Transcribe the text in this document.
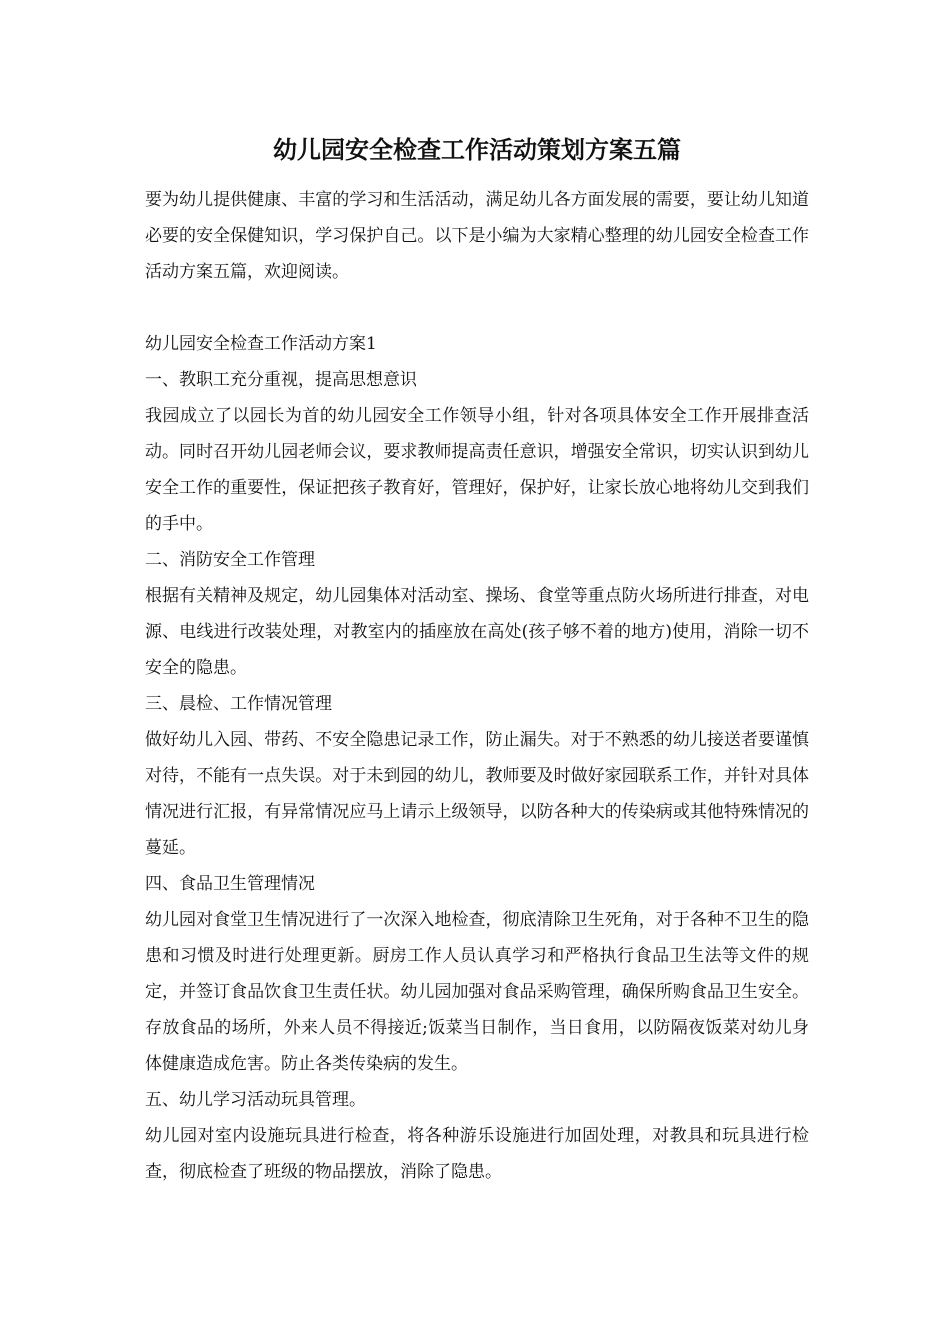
幼儿园安全检查工作活动策划方案五篇

要为幼儿提供健康、丰富的学习和生活活动，满足幼儿各方面发展的需要，要让幼儿知道必要的安全保健知识，学习保护自己。以下是小编为大家精心整理的幼儿园安全检查工作活动方案五篇，欢迎阅读。

幼儿园安全检查工作活动方案1

一、教职工充分重视，提高思想意识

我园成立了以园长为首的幼儿园安全工作领导小组，针对各项具体安全工作开展排查活动。同时召开幼儿园老师会议，要求教师提高责任意识，增强安全常识，切实认识到幼儿安全工作的重要性，保证把孩子教育好，管理好，保护好，让家长放心地将幼儿交到我们的手中。

二、消防安全工作管理

根据有关精神及规定，幼儿园集体对活动室、操场、食堂等重点防火场所进行排查，对电源、电线进行改装处理，对教室内的插座放在高处(孩子够不着的地方)使用，消除一切不安全的隐患。

三、晨检、工作情况管理

做好幼儿入园、带药、不安全隐患记录工作，防止漏失。对于不熟悉的幼儿接送者要谨慎对待，不能有一点失误。对于未到园的幼儿，教师要及时做好家园联系工作，并针对具体情况进行汇报，有异常情况应马上请示上级领导，以防各种大的传染病或其他特殊情况的蔓延。

四、食品卫生管理情况

幼儿园对食堂卫生情况进行了一次深入地检查，彻底清除卫生死角，对于各种不卫生的隐患和习惯及时进行处理更新。厨房工作人员认真学习和严格执行食品卫生法等文件的规定，并签订食品饮食卫生责任状。幼儿园加强对食品采购管理，确保所购食品卫生安全。存放食品的场所，外来人员不得接近;饭菜当日制作，当日食用，以防隔夜饭菜对幼儿身体健康造成危害。防止各类传染病的发生。

五、幼儿学习活动玩具管理。

幼儿园对室内设施玩具进行检查，将各种游乐设施进行加固处理，对教具和玩具进行检查，彻底检查了班级的物品摆放，消除了隐患。
